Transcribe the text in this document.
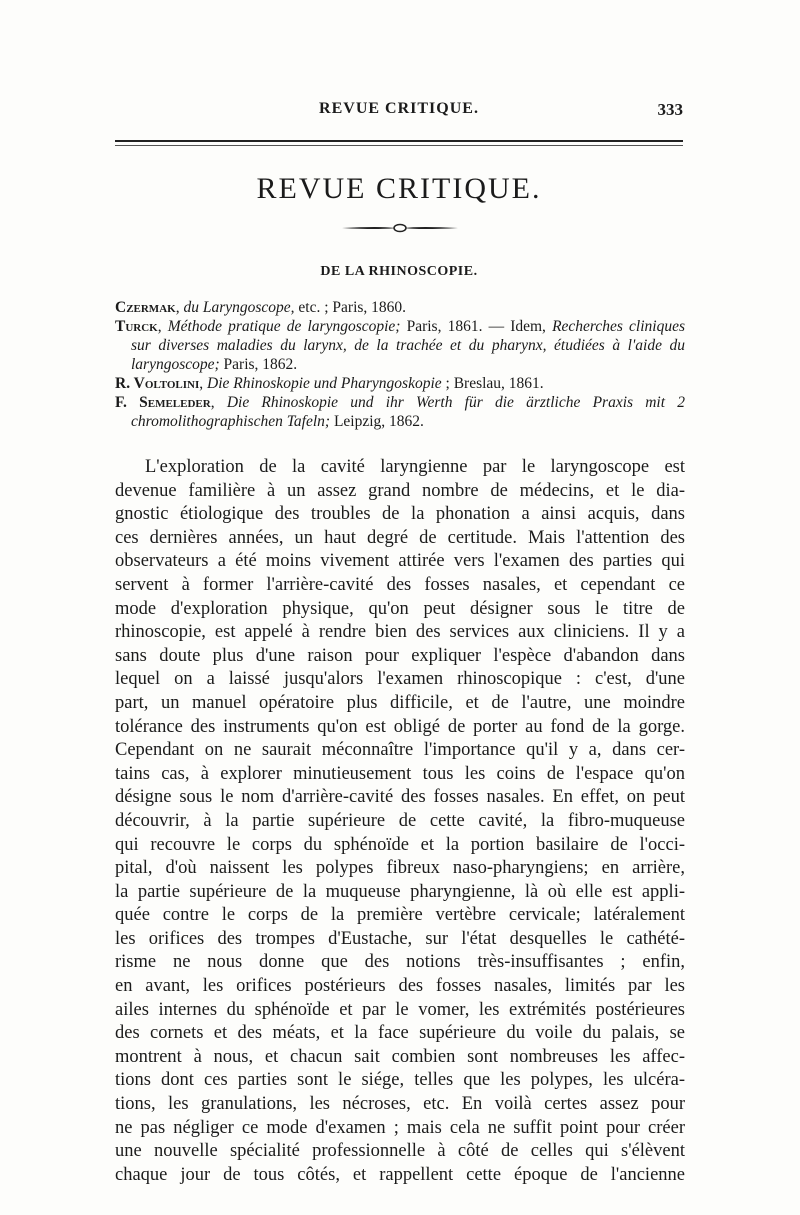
REVUE CRITIQUE.	333
REVUE CRITIQUE.
DE LA RHINOSCOPIE.

Czermak, du Laryngoscope, etc. ; Paris, 1860.

Turck, Méthode pratique de laryngoscopie; Paris, 1861. — Idem, Recherches cliniques sur diverses maladies du larynx, de la trachée et du pharynx, étudiées à l'aide du laryngoscope; Paris, 1862.

R. Voltolini, Die Rhinoskopie und Pharyngoskopie ; Breslau, 1861.

F. Semeleder, Die Rhinoskopie und ihr Werth für die ärztliche Praxis mit 2 chromolithographischen Tafeln; Leipzig, 1862.

L'exploration de la cavité laryngienne par le laryngoscope est
devenue familière à un assez grand nombre de médecins, et le dia-
gnostic étiologique des troubles de la phonation a ainsi acquis, dans
ces dernières années, un haut degré de certitude. Mais l'attention des
observateurs a été moins vivement attirée vers l'examen des parties qui
servent à former l'arrière-cavité des fosses nasales, et cependant ce
mode d'exploration physique, qu'on peut désigner sous le titre de
rhinoscopie, est appelé à rendre bien des services aux cliniciens. Il y a
sans doute plus d'une raison pour expliquer l'espèce d'abandon dans
lequel on a laissé jusqu'alors l'examen rhinoscopique : c'est, d'une
part, un manuel opératoire plus difficile, et de l'autre, une moindre
tolérance des instruments qu'on est obligé de porter au fond de la gorge.
Cependant on ne saurait méconnaître l'importance qu'il y a, dans cer-
tains cas, à explorer minutieusement tous les coins de l'espace qu'on
désigne sous le nom d'arrière-cavité des fosses nasales. En effet, on peut
découvrir, à la partie supérieure de cette cavité, la fibro-muqueuse
qui recouvre le corps du sphénoïde et la portion basilaire de l'occi-
pital, d'où naissent les polypes fibreux naso-pharyngiens; en arrière,
la partie supérieure de la muqueuse pharyngienne, là où elle est appli-
quée contre le corps de la première vertèbre cervicale; latéralement
les orifices des trompes d'Eustache, sur l'état desquelles le cathété-
risme ne nous donne que des notions très-insuffisantes ; enfin,
en avant, les orifices postérieurs des fosses nasales, limités par les
ailes internes du sphénoïde et par le vomer, les extrémités postérieures
des cornets et des méats, et la face supérieure du voile du palais, se
montrent à nous, et chacun sait combien sont nombreuses les affec-
tions dont ces parties sont le siége, telles que les polypes, les ulcéra-
tions, les granulations, les nécroses, etc. En voilà certes assez pour
ne pas négliger ce mode d'examen ; mais cela ne suffit point pour créer
une nouvelle spécialité professionnelle à côté de celles qui s'élèvent
chaque jour de tous côtés, et rappellent cette époque de l'ancienne
